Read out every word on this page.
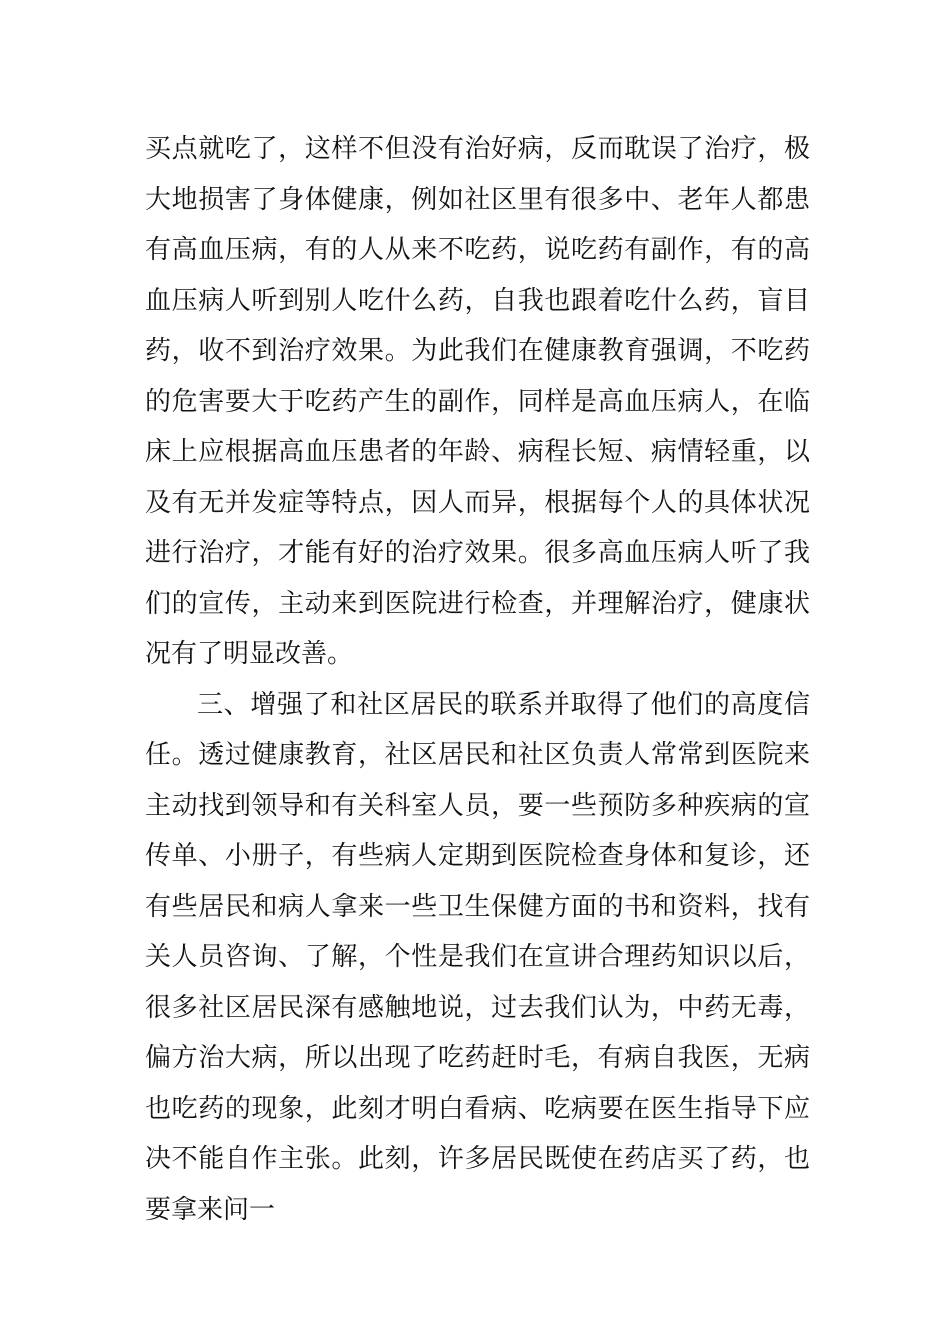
买点就吃了，这样不但没有治好病，反而耽误了治疗，极大地损害了身体健康，例如社区里有很多中、老年人都患有高血压病，有的人从来不吃药，说吃药有副作，有的高血压病人听到别人吃什么药，自我也跟着吃什么药，盲目药，收不到治疗效果。为此我们在健康教育强调，不吃药的危害要大于吃药产生的副作，同样是高血压病人，在临床上应根据高血压患者的年龄、病程长短、病情轻重，以及有无并发症等特点，因人而异，根据每个人的具体状况进行治疗，才能有好的治疗效果。很多高血压病人听了我们的宣传，主动来到医院进行检查，并理解治疗，健康状况有了明显改善。

三、增强了和社区居民的联系并取得了他们的高度信任。透过健康教育，社区居民和社区负责人常常到医院来主动找到领导和有关科室人员，要一些预防多种疾病的宣传单、小册子，有些病人定期到医院检查身体和复诊，还有些居民和病人拿来一些卫生保健方面的书和资料，找有关人员咨询、了解，个性是我们在宣讲合理药知识以后，很多社区居民深有感触地说，过去我们认为，中药无毒，偏方治大病，所以出现了吃药赶时毛，有病自我医，无病也吃药的现象，此刻才明白看病、吃病要在医生指导下应决不能自作主张。此刻，许多居民既使在药店买了药，也要拿来问一
